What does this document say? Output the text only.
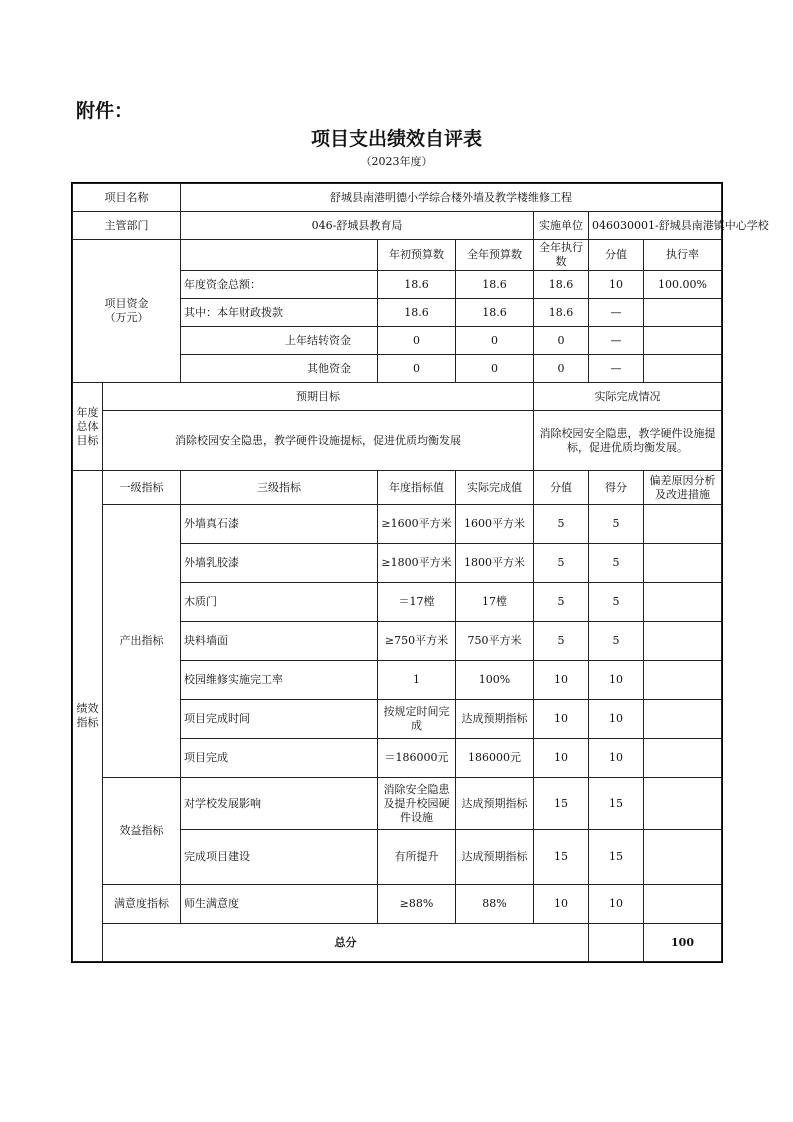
附件：
项目支出绩效自评表
（2023年度）
项目名称		舒城县南港明德小学综合楼外墙及教学楼维修工程						
主管部门		046-舒城县教育局			实施单位	046030001-舒城县南港镇中心学校		
项目资金
（万元）			年初预算数	全年预算数	全年执行数	分值	执行率	
		年度资金总额：	18.6	18.6	18.6	10	100.00%	
		其中：本年财政拨款	18.6	18.6	18.6	—		
		上年结转资金	0	0	0	—		
		其他资金	0	0	0	—		
年度
总体
目标	预期目标				实际完成情况			
	消除校园安全隐患，教学硬件设施提标，促进优质均衡发展				消除校园安全隐患，教学硬件设施提标，促进优质均衡发展。			
绩效
指标	一级指标	三级指标	年度指标值	实际完成值	分值	得分	偏差原因分析及改进措施	
	产出指标	外墙真石漆	≥1600平方米	1600平方米	5	5		
		外墙乳胶漆	≥1800平方米	1800平方米	5	5		
		木质门	＝17樘	17樘	5	5		
		块料墙面	≥750平方米	750平方米	5	5		
		校园维修实施完工率	1	100%	10	10		
		项目完成时间	按规定时间完成	达成预期指标	10	10		
		项目完成	＝186000元	186000元	10	10		
	效益指标	对学校发展影响	消除安全隐患及提升校园硬件设施	达成预期指标	15	15		
		完成项目建设	有所提升	达成预期指标	15	15		
	满意度指标	师生满意度	≥88%	88%	10	10		
	总分						100		
